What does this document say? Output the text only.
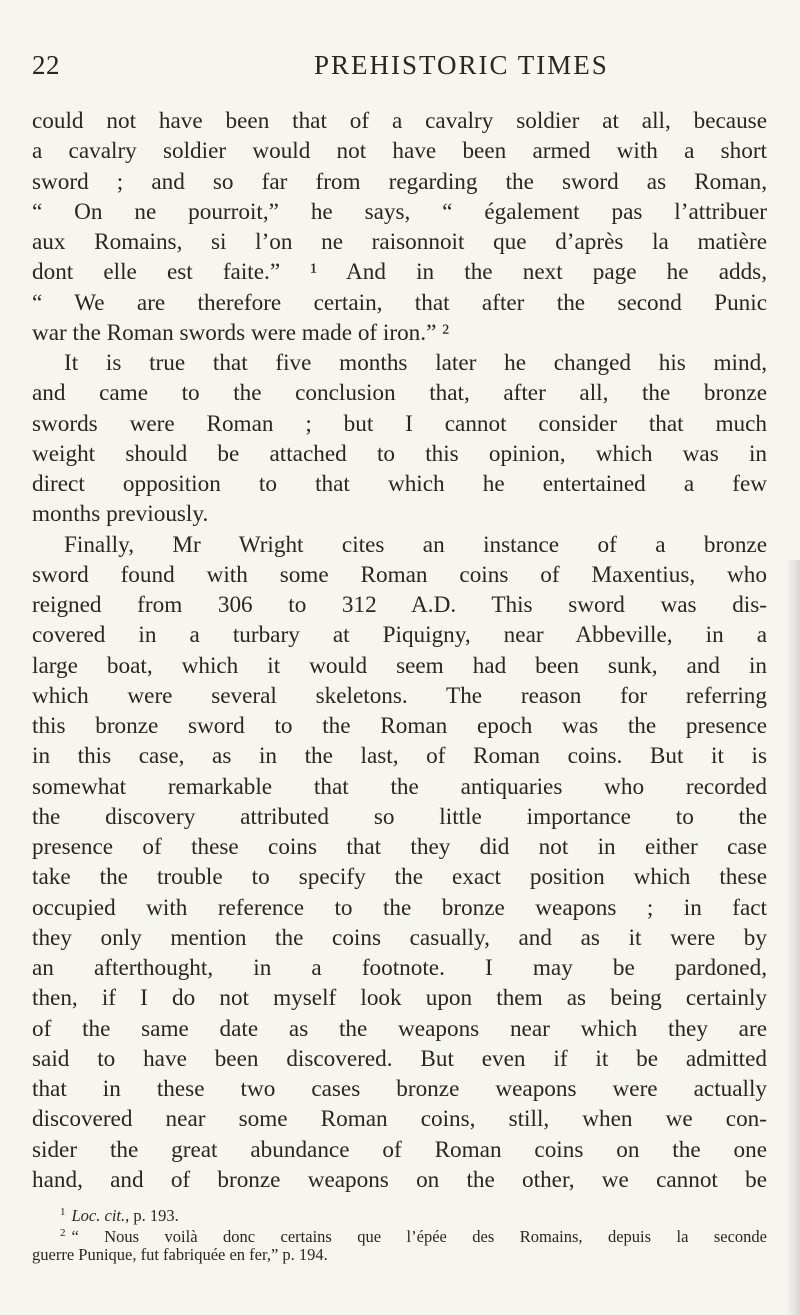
22	PREHISTORIC TIMES
could not have been that of a cavalry soldier at all, because
a cavalry soldier would not have been armed with a short
sword ; and so far from regarding the sword as Roman,
“ On ne pourroit,” he says, “ également pas l’attribuer
aux Romains, si l’on ne raisonnoit que d’après la matière
dont elle est faite.” ¹ And in the next page he adds,
“ We are therefore certain, that after the second Punic
war the Roman swords were made of iron.” ²
It is true that five months later he changed his mind,
and came to the conclusion that, after all, the bronze
swords were Roman ; but I cannot consider that much
weight should be attached to this opinion, which was in
direct opposition to that which he entertained a few
months previously.
Finally, Mr Wright cites an instance of a bronze
sword found with some Roman coins of Maxentius, who
reigned from 306 to 312 A.D. This sword was dis-
covered in a turbary at Piquigny, near Abbeville, in a
large boat, which it would seem had been sunk, and in
which were several skeletons. The reason for referring
this bronze sword to the Roman epoch was the presence
in this case, as in the last, of Roman coins. But it is
somewhat remarkable that the antiquaries who recorded
the discovery attributed so little importance to the
presence of these coins that they did not in either case
take the trouble to specify the exact position which these
occupied with reference to the bronze weapons ; in fact
they only mention the coins casually, and as it were by
an afterthought, in a footnote. I may be pardoned,
then, if I do not myself look upon them as being certainly
of the same date as the weapons near which they are
said to have been discovered. But even if it be admitted
that in these two cases bronze weapons were actually
discovered near some Roman coins, still, when we con-
sider the great abundance of Roman coins on the one
hand, and of bronze weapons on the other, we cannot be
$^1$ Loc. cit., p. 193.
$^2$ “ Nous voilà donc certains que l’épée des Romains, depuis la seconde
guerre Punique, fut fabriquée en fer,” p. 194.
